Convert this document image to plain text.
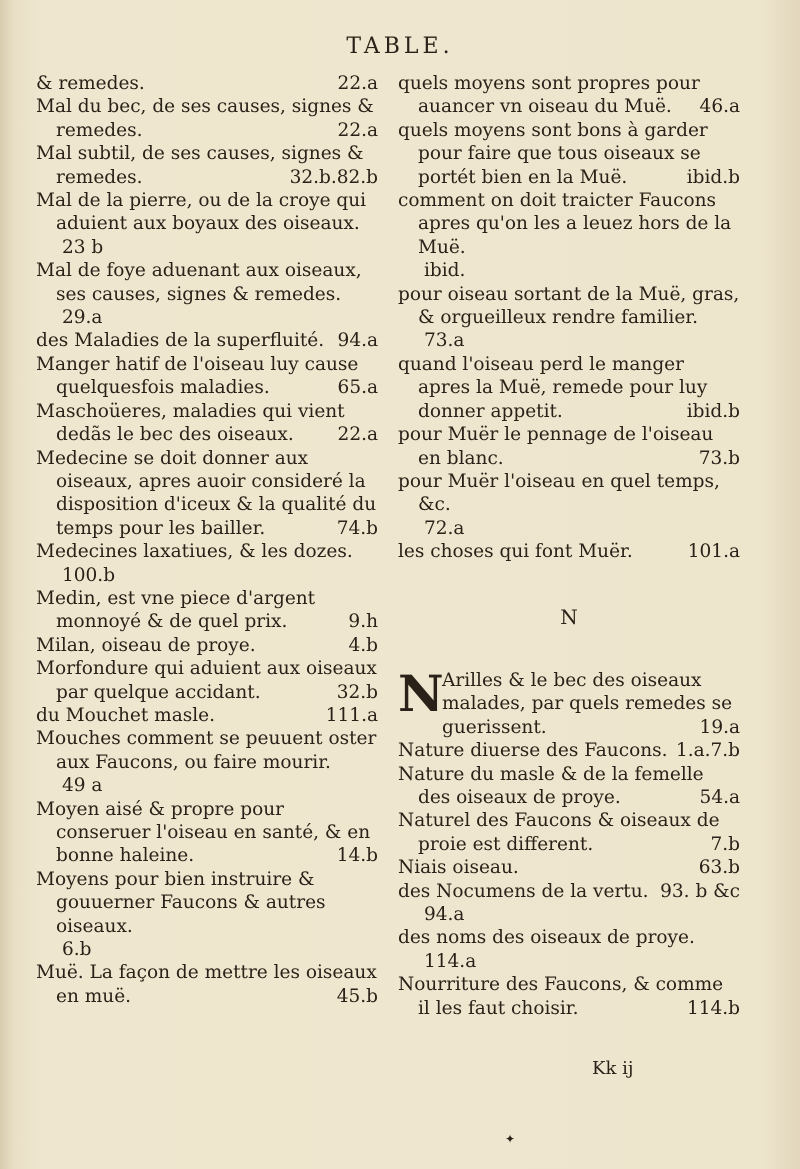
TABLE.

& remedes.	22.a

Mal du bec, de ses causes, signes & remedes.	22.a

Mal subtil, de ses causes, signes & remedes.	32.b.82.b

Mal de la pierre, ou de la croye qui aduient aux boyaux des oiseaux.
23 b

Mal de foye aduenant aux oiseaux, ses causes, signes & remedes.
29.a

des Maladies de la superfluité. 94.a

Manger hatif de l'oiseau luy cause quelquesfois maladies.	65.a

Maschoüeres, maladies qui vient dedãs le bec des oiseaux.	22.a

Medecine se doit donner aux oiseaux, apres auoir consideré la disposition d'iceux & la qualité du temps pour les bailler.	74.b

Medecines laxatiues, & les dozes.
100.b

Medin, est vne piece d'argent monnoyé & de quel prix.	9.h

Milan, oiseau de proye.	4.b

Morfondure qui aduient aux oiseaux par quelque accidant.	32.b

du Mouchet masle.	111.a

Mouches comment se peuuent oster aux Faucons, ou faire mourir.
49 a

Moyen aisé & propre pour conseruer l'oiseau en santé, & en bonne haleine.	14.b

Moyens pour bien instruire & gouuerner Faucons & autres oiseaux.
6.b

Muë. La façon de mettre les oiseaux en muë.	45.b

quels moyens sont propres pour auancer vn oiseau du Muë.	46.a

quels moyens sont bons à garder pour faire que tous oiseaux se portét bien en la Muë.	ibid.b

comment on doit traicter Faucons apres qu'on les a leuez hors de la Muë.
ibid.

pour oiseau sortant de la Muë, gras, & orgueilleux rendre familier.
73.a

quand l'oiseau perd le manger apres la Muë, remede pour luy donner appetit.	ibid.b

pour Muër le pennage de l'oiseau en blanc.	73.b

pour Muër l'oiseau en quel temps, &c.
72.a

les choses qui font Muër.	101.a

N

N
Arilles & le bec des oiseaux malades, par quels remedes se guerissent.	19.a

Nature diuerse des Faucons. 1.a.7.b

Nature du masle & de la femelle des oiseaux de proye.	54.a

Naturel des Faucons & oiseaux de proie est different.	7.b

Niais oiseau.	63.b

des Nocumens de la vertu. 93. b &c
94.a

des noms des oiseaux de proye.
114.a

Nourriture des Faucons, & comme il les faut choisir.	114.b

Kk ij
✦
